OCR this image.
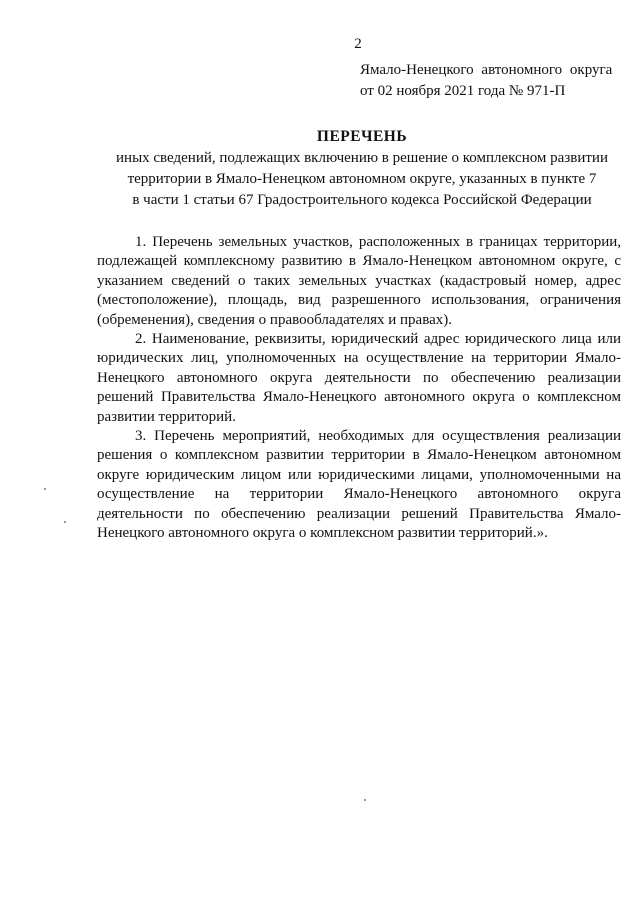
2
Ямало-Ненецкого автономного округа
от 02 ноября 2021 года № 971-П
ПЕРЕЧЕНЬ
иных сведений, подлежащих включению в решение о комплексном развитии
территории в Ямало-Ненецком автономном округе, указанных в пункте 7
в части 1 статьи 67 Градостроительного кодекса Российской Федерации

1. Перечень земельных участков, расположенных в границах территории, подлежащей комплексному развитию в Ямало-Ненецком автономном округе, с указанием сведений о таких земельных участках (кадастровый номер, адрес (местоположение), площадь, вид разрешенного использования, ограничения (обременения), сведения о правообладателях и правах).

2. Наименование, реквизиты, юридический адрес юридического лица или юридических лиц, уполномоченных на осуществление на территории Ямало-Ненецкого автономного округа деятельности по обеспечению реализации решений Правительства Ямало-Ненецкого автономного округа о комплексном развитии территорий.

3. Перечень мероприятий, необходимых для осуществления реализации решения о комплексном развитии территории в Ямало-Ненецком автономном округе юридическим лицом или юридическими лицами, уполномоченными на осуществление на территории Ямало-Ненецкого автономного округа деятельности по обеспечению реализации решений Правительства Ямало-Ненецкого автономного округа о комплексном развитии территорий.».
